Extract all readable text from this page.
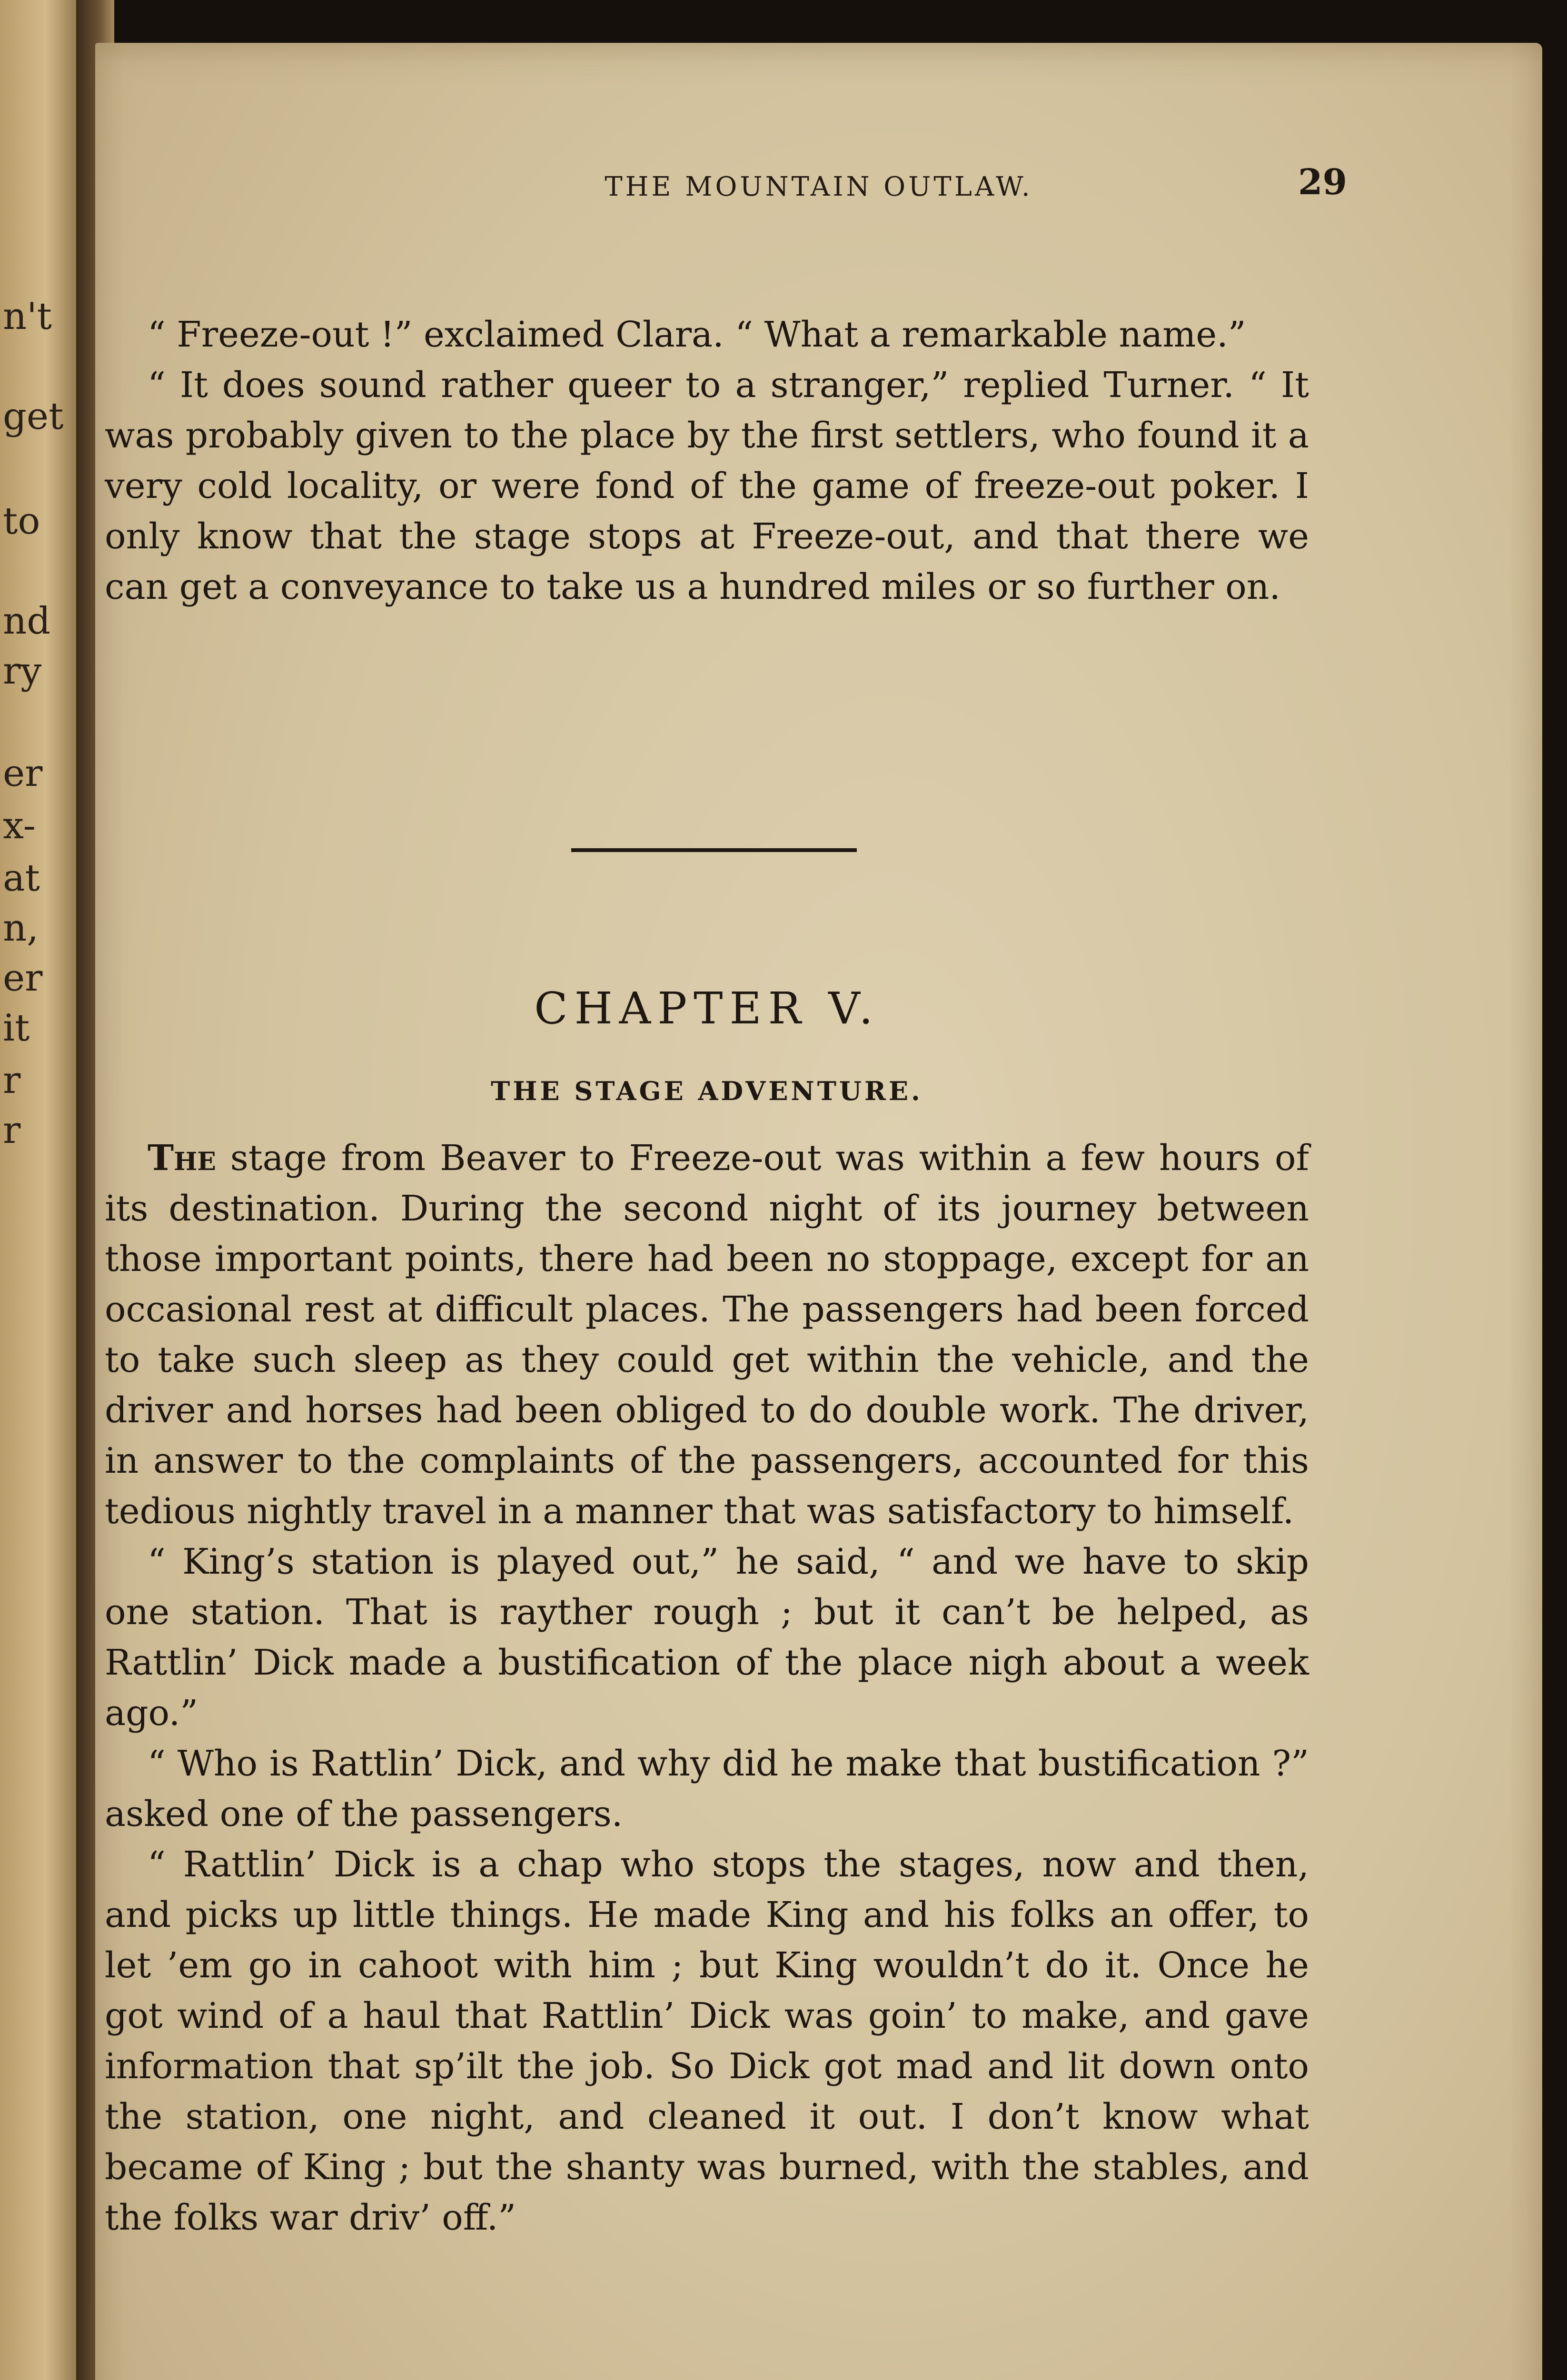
n't
get
to
nd
ry
er
x-
at
n,
er
it
r
r
THE MOUNTAIN OUTLAW.	29

“ Freeze-out !” exclaimed Clara. “ What a remarkable name.”

“ It does sound rather queer to a stranger,” replied Turner. “ It was probably given to the place by the first settlers, who found it a very cold locality, or were fond of the game of freeze-out poker. I only know that the stage stops at Freeze-out, and that there we can get a conveyance to take us a hundred miles or so further on.

CHAPTER V.
THE STAGE ADVENTURE.

The stage from Beaver to Freeze-out was within a few hours of its destination. During the second night of its journey between those important points, there had been no stoppage, except for an occasional rest at difficult places. The passengers had been forced to take such sleep as they could get within the vehicle, and the driver and horses had been obliged to do double work. The driver, in answer to the complaints of the passengers, accounted for this tedious nightly travel in a manner that was satisfactory to himself.

“ King’s station is played out,” he said, “ and we have to skip one station. That is rayther rough ; but it can’t be helped, as Rattlin’ Dick made a bustification of the place nigh about a week ago.”

“ Who is Rattlin’ Dick, and why did he make that bustification ?” asked one of the passengers.

“ Rattlin’ Dick is a chap who stops the stages, now and then, and picks up little things. He made King and his folks an offer, to let ’em go in cahoot with him ; but King wouldn’t do it. Once he got wind of a haul that Rattlin’ Dick was goin’ to make, and gave information that sp’ilt the job. So Dick got mad and lit down onto the station, one night, and cleaned it out. I don’t know what became of King ; but the shanty was burned, with the stables, and the folks war driv’ off.”
